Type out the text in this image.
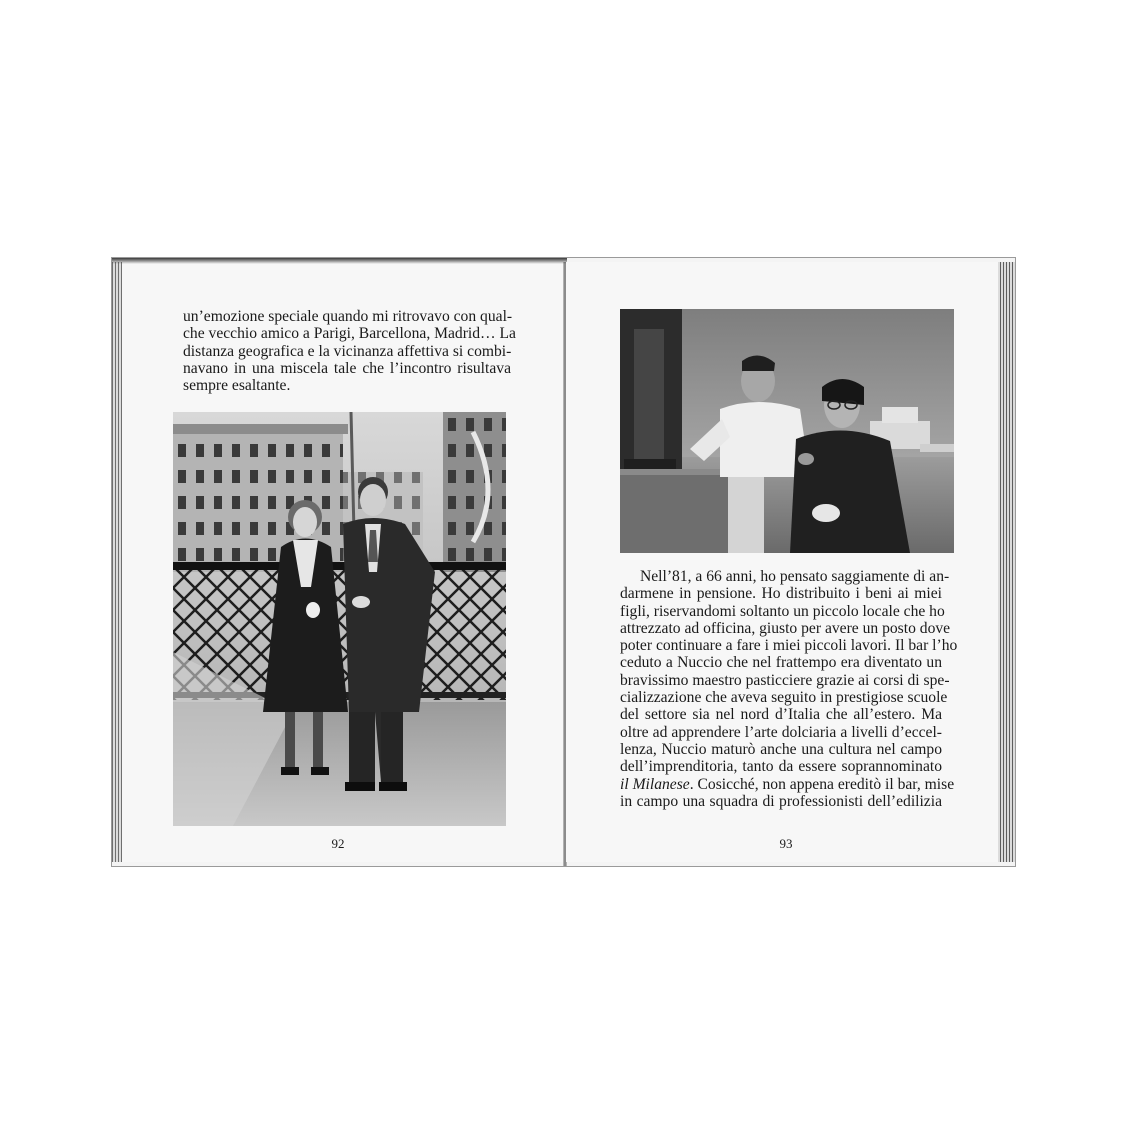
un’emozione speciale quando mi ritrovavo con qual-
che vecchio amico a Parigi, Barcellona, Madrid… La
distanza geografica e la vicinanza affettiva si combi-
navano in una miscela tale che l’incontro risultava
sempre esaltante.

92

Nell’81, a 66 anni, ho pensato saggiamente di an-
darmene in pensione. Ho distribuito i beni ai miei
figli, riservandomi soltanto un piccolo locale che ho
attrezzato ad officina, giusto per avere un posto dove
poter continuare a fare i miei piccoli lavori. Il bar l’ho
ceduto a Nuccio che nel frattempo era diventato un
bravissimo maestro pasticciere grazie ai corsi di spe-
cializzazione che aveva seguito in prestigiose scuole
del settore sia nel nord d’Italia che all’estero. Ma
oltre ad apprendere l’arte dolciaria a livelli d’eccel-
lenza, Nuccio maturò anche una cultura nel campo
dell’imprenditoria, tanto da essere soprannominato
il Milanese. Cosicché, non appena ereditò il bar, mise
in campo una squadra di professionisti dell’edilizia

93
